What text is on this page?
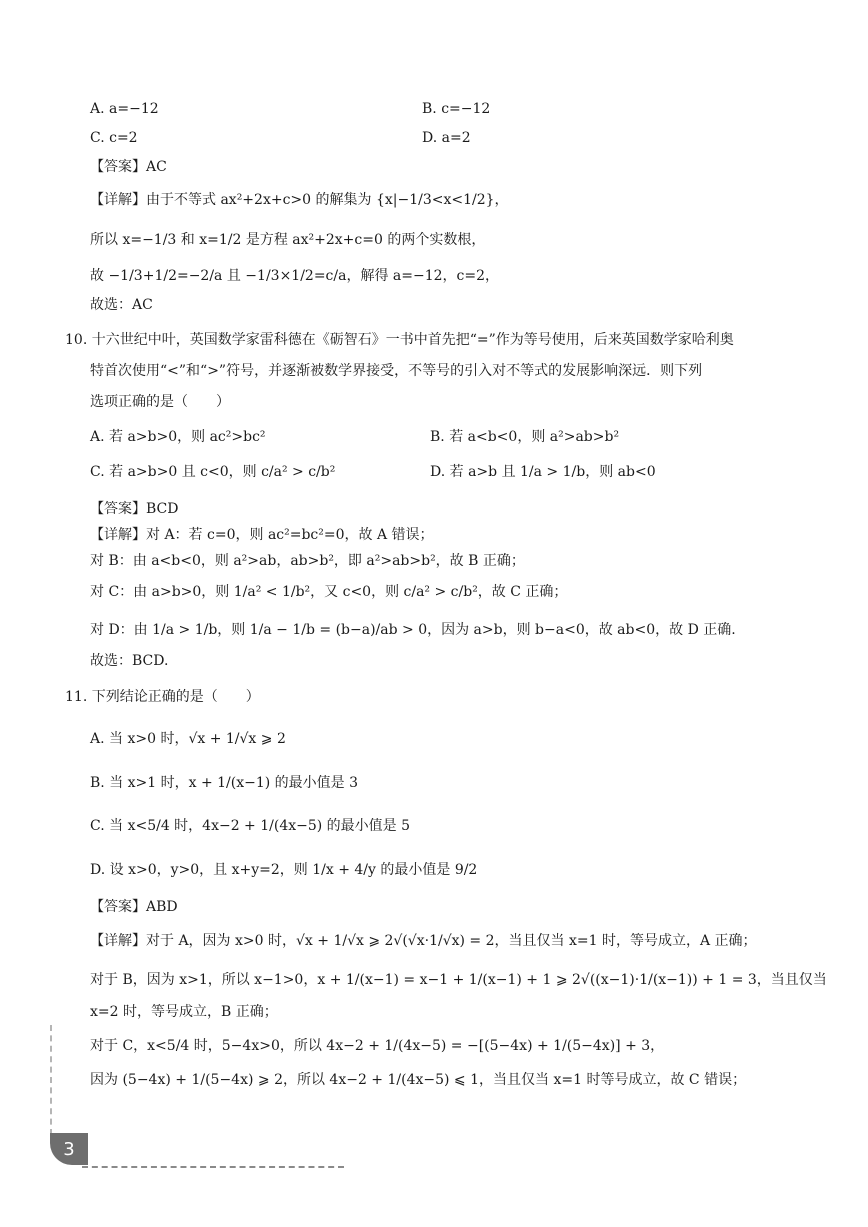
A. a=−12	B. c=−12
C. c=2	D. a=2
【答案】AC
【详解】由于不等式 ax²+2x+c>0 的解集为 {x|−1/3<x<1/2}，
所以 x=−1/3 和 x=1/2 是方程 ax²+2x+c=0 的两个实数根，
故 −1/3+1/2=−2/a 且 −1/3×1/2=c/a，解得 a=−12，c=2，
故选：AC
10. 十六世纪中叶，英国数学家雷科德在《砺智石》一书中首先把“=”作为等号使用，后来英国数学家哈利奥
特首次使用“<”和“>”符号，并逐渐被数学界接受，不等号的引入对不等式的发展影响深远．则下列
选项正确的是（　　）
A. 若 a>b>0，则 ac²>bc²	B. 若 a<b<0，则 a²>ab>b²
C. 若 a>b>0 且 c<0，则 c/a² > c/b²	D. 若 a>b 且 1/a > 1/b，则 ab<0
【答案】BCD
【详解】对 A：若 c=0，则 ac²=bc²=0，故 A 错误；
对 B：由 a<b<0，则 a²>ab，ab>b²，即 a²>ab>b²，故 B 正确；
对 C：由 a>b>0，则 1/a² < 1/b²，又 c<0，则 c/a² > c/b²，故 C 正确；
对 D：由 1/a > 1/b，则 1/a − 1/b = (b−a)/ab > 0，因为 a>b，则 b−a<0，故 ab<0，故 D 正确.
故选：BCD.
11. 下列结论正确的是（　　）
A. 当 x>0 时，√x + 1/√x ⩾ 2
B. 当 x>1 时，x + 1/(x−1) 的最小值是 3
C. 当 x<5/4 时，4x−2 + 1/(4x−5) 的最小值是 5
D. 设 x>0，y>0，且 x+y=2，则 1/x + 4/y 的最小值是 9/2
【答案】ABD
【详解】对于 A，因为 x>0 时，√x + 1/√x ⩾ 2√(√x·1/√x) = 2，当且仅当 x=1 时，等号成立，A 正确；
对于 B，因为 x>1，所以 x−1>0，x + 1/(x−1) = x−1 + 1/(x−1) + 1 ⩾ 2√((x−1)·1/(x−1)) + 1 = 3，当且仅当
x=2 时，等号成立，B 正确；
对于 C，x<5/4 时，5−4x>0，所以 4x−2 + 1/(4x−5) = −[(5−4x) + 1/(5−4x)] + 3，
因为 (5−4x) + 1/(5−4x) ⩾ 2，所以 4x−2 + 1/(4x−5) ⩽ 1，当且仅当 x=1 时等号成立，故 C 错误；
3
